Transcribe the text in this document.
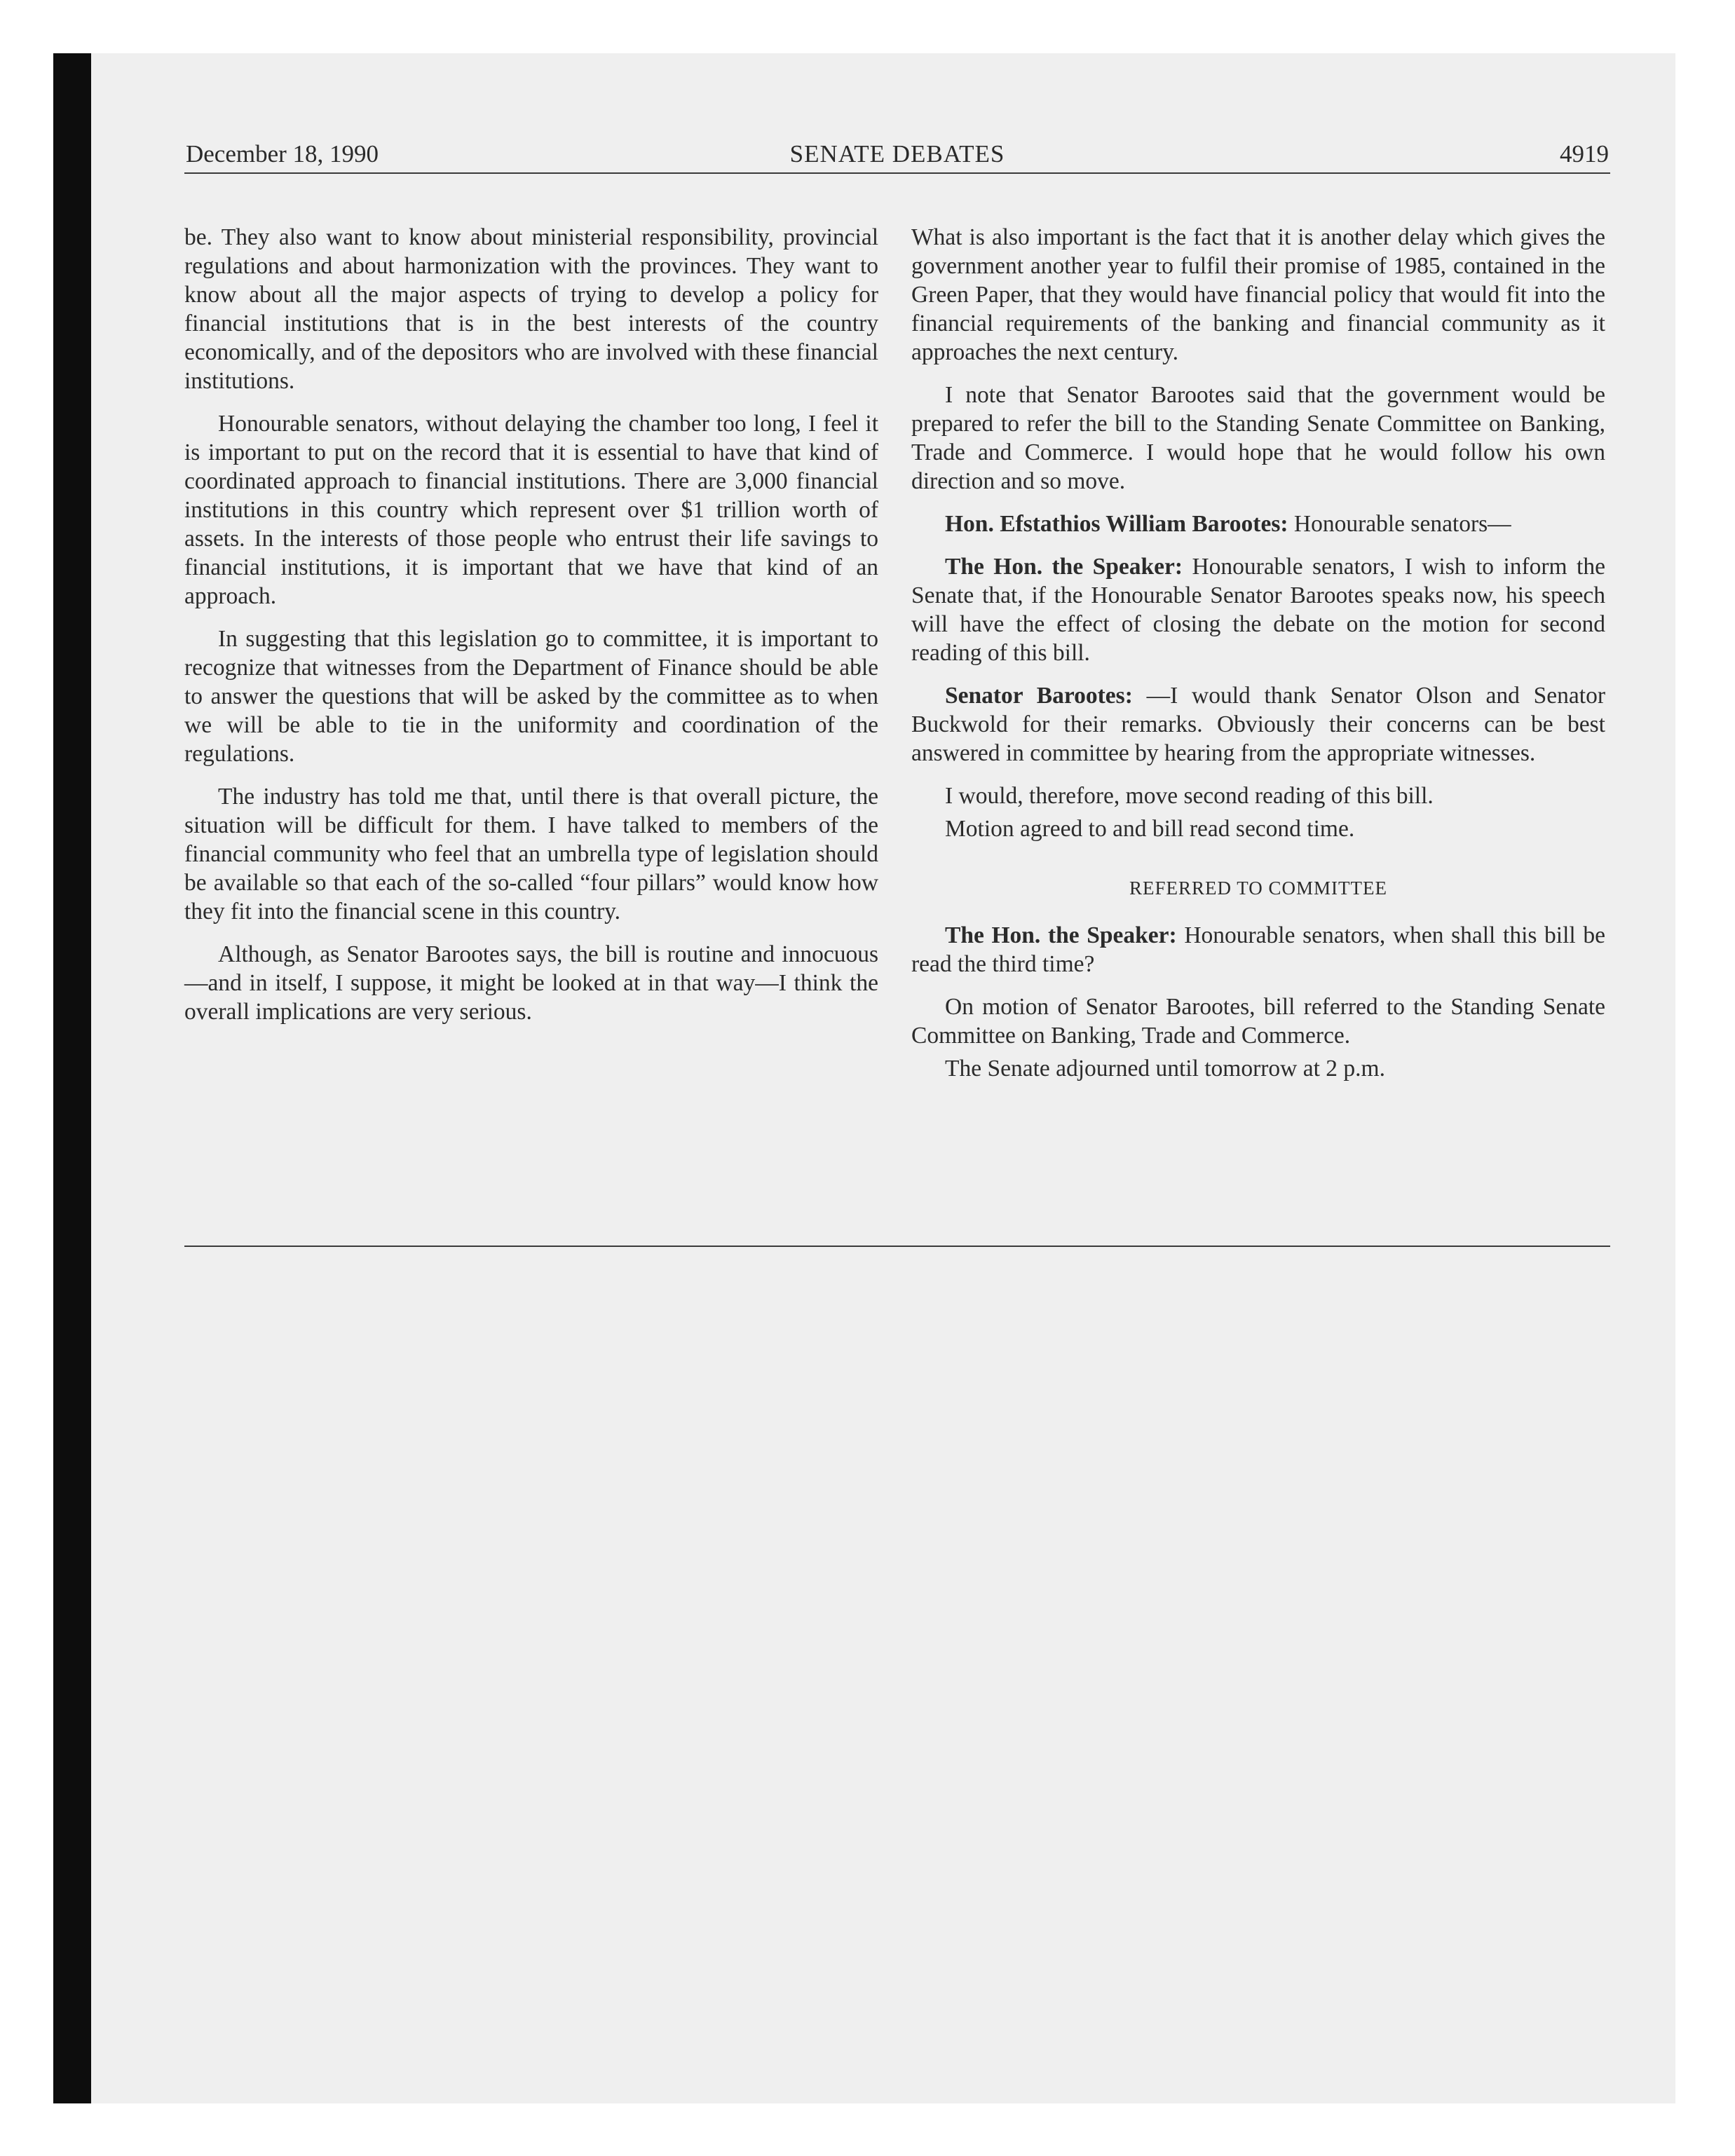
December 18, 1990	SENATE DEBATES	4919

be. They also want to know about ministerial responsibility, provincial regulations and about harmonization with the provinces. They want to know about all the major aspects of trying to develop a policy for financial institutions that is in the best interests of the country economically, and of the depositors who are involved with these financial institutions.

Honourable senators, without delaying the chamber too long, I feel it is important to put on the record that it is essential to have that kind of coordinated approach to financial institutions. There are 3,000 financial institutions in this country which represent over $1 trillion worth of assets. In the interests of those people who entrust their life savings to financial institutions, it is important that we have that kind of an approach.

In suggesting that this legislation go to committee, it is important to recognize that witnesses from the Department of Finance should be able to answer the questions that will be asked by the committee as to when we will be able to tie in the uniformity and coordination of the regulations.

The industry has told me that, until there is that overall picture, the situation will be difficult for them. I have talked to members of the financial community who feel that an umbrella type of legislation should be available so that each of the so-called “four pillars” would know how they fit into the financial scene in this country.

Although, as Senator Barootes says, the bill is routine and innocuous—and in itself, I suppose, it might be looked at in that way—I think the overall implications are very serious.

What is also important is the fact that it is another delay which gives the government another year to fulfil their promise of 1985, contained in the Green Paper, that they would have financial policy that would fit into the financial requirements of the banking and financial community as it approaches the next century.

I note that Senator Barootes said that the government would be prepared to refer the bill to the Standing Senate Committee on Banking, Trade and Commerce. I would hope that he would follow his own direction and so move.

Hon. Efstathios William Barootes: Honourable senators—

The Hon. the Speaker: Honourable senators, I wish to inform the Senate that, if the Honourable Senator Barootes speaks now, his speech will have the effect of closing the debate on the motion for second reading of this bill.

Senator Barootes: —I would thank Senator Olson and Senator Buckwold for their remarks. Obviously their concerns can be best answered in committee by hearing from the appropriate witnesses.

I would, therefore, move second reading of this bill.

Motion agreed to and bill read second time.

REFERRED TO COMMITTEE

The Hon. the Speaker: Honourable senators, when shall this bill be read the third time?

On motion of Senator Barootes, bill referred to the Standing Senate Committee on Banking, Trade and Commerce.

The Senate adjourned until tomorrow at 2 p.m.
